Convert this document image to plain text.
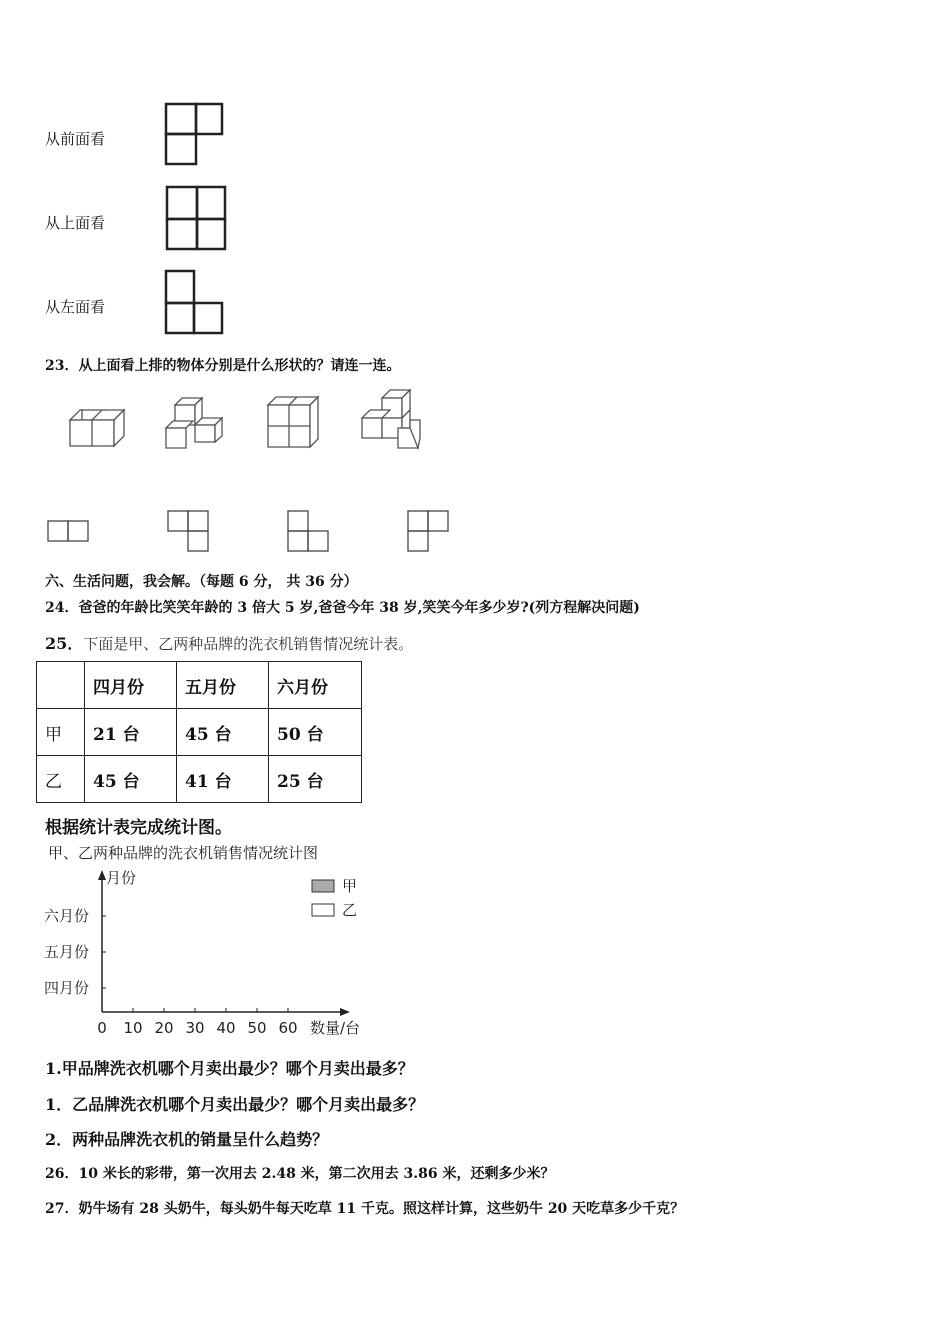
从前面看
从上面看
从左面看
23．从上面看上排的物体分别是什么形状的？请连一连。
六、生活问题，我会解。（每题 6 分， 共 36 分）
24．爸爸的年龄比笑笑年龄的 3 倍大 5 岁,爸爸今年 38 岁,笑笑今年多少岁?(列方程解决问题)
25．下面是甲、乙两种品牌的洗衣机销售情况统计表。
	四月份	五月份	六月份
甲	21 台	45 台	50 台
乙	45 台	41 台	25 台
根据统计表完成统计图。
甲、乙两种品牌的洗衣机销售情况统计图
月份
数量/台
甲
乙
0 10 20 30 40 50 60
四月份
五月份
六月份
1.甲品牌洗衣机哪个月卖出最少？哪个月卖出最多？
1．乙品牌洗衣机哪个月卖出最少？哪个月卖出最多？
2．两种品牌洗衣机的销量呈什么趋势？
26．10 米长的彩带，第一次用去 2.48 米，第二次用去 3.86 米，还剩多少米？
27．奶牛场有 28 头奶牛，每头奶牛每天吃草 11 千克。照这样计算，这些奶牛 20 天吃草多少千克？
